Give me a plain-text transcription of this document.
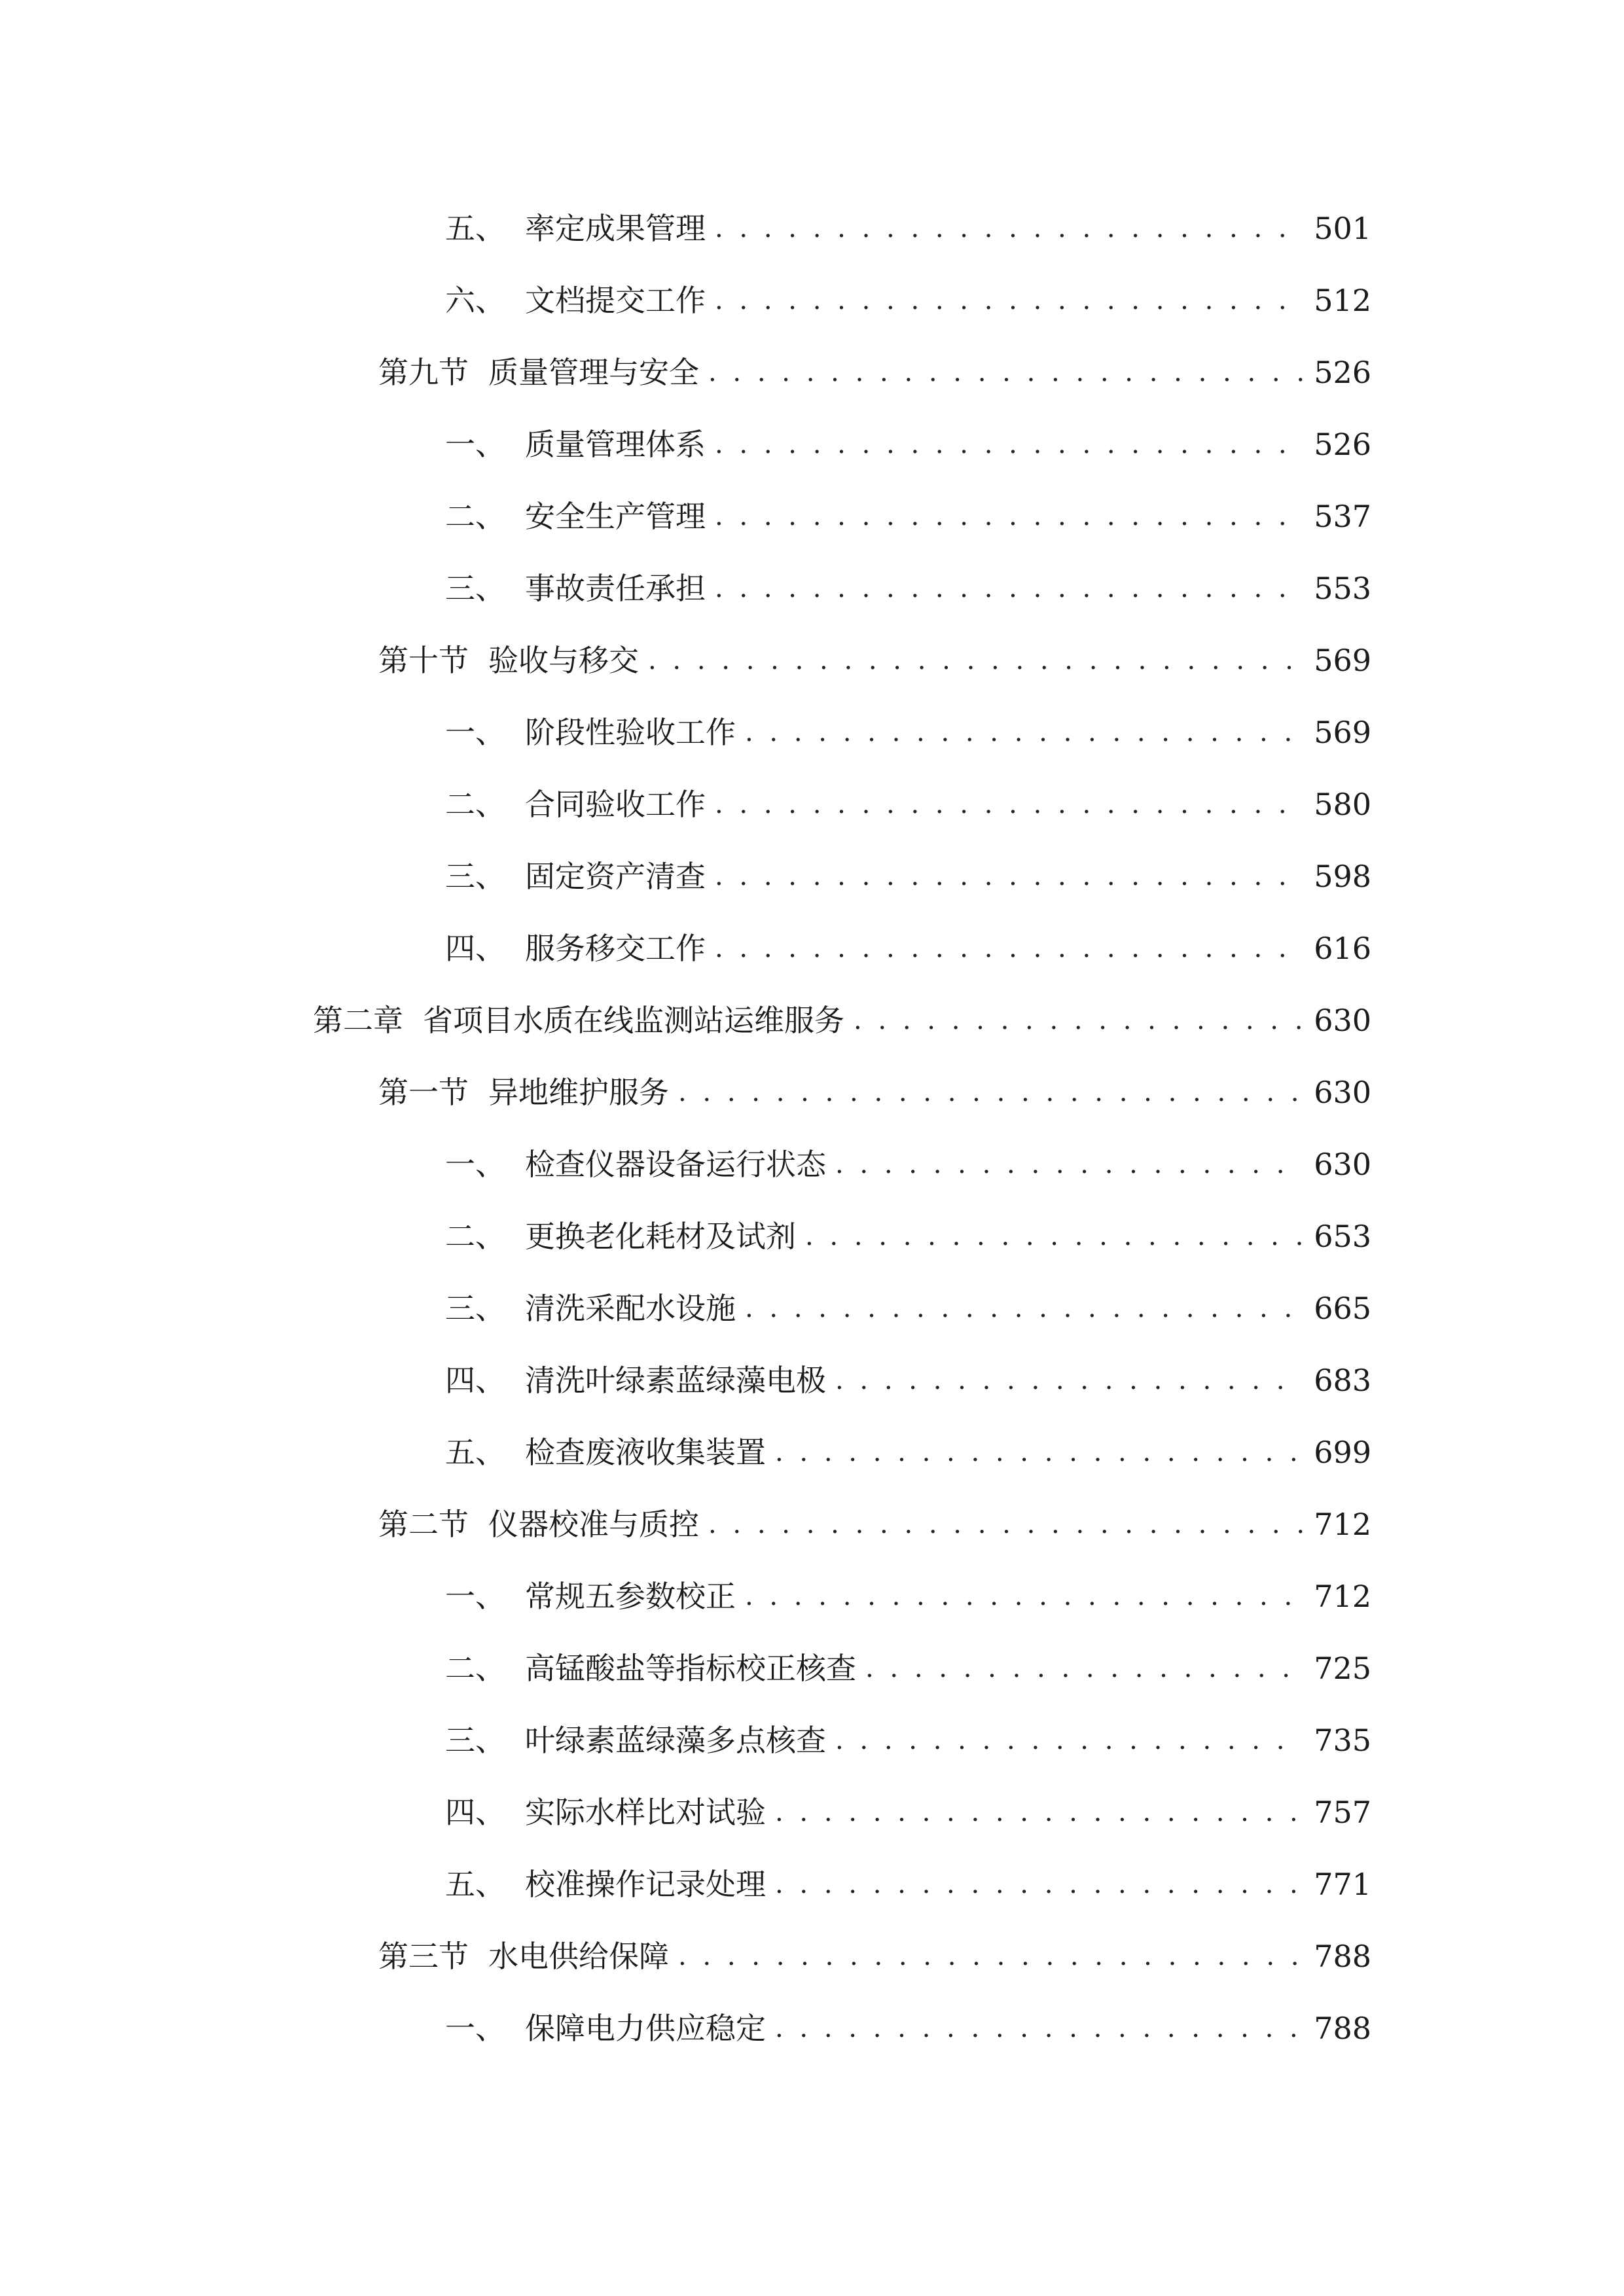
五、 率定成果管理 . . .	501
六、 文档提交工作 . . .	512
第九节 质量管理与安全 . . .	526
一、 质量管理体系 . . .	526
二、 安全生产管理 . . .	537
三、 事故责任承担 . . .	553
第十节 验收与移交 . . .	569
一、 阶段性验收工作 . . .	569
二、 合同验收工作 . . .	580
三、 固定资产清查 . . .	598
四、 服务移交工作 . . .	616
第二章 省项目水质在线监测站运维服务 . . .	630
第一节 异地维护服务 . . .	630
一、 检查仪器设备运行状态 . . .	630
二、 更换老化耗材及试剂 . . .	653
三、 清洗采配水设施 . . .	665
四、 清洗叶绿素蓝绿藻电极 . . .	683
五、 检查废液收集装置 . . .	699
第二节 仪器校准与质控 . . .	712
一、 常规五参数校正 . . .	712
二、 高锰酸盐等指标校正核查 . . .	725
三、 叶绿素蓝绿藻多点核查 . . .	735
四、 实际水样比对试验 . . .	757
五、 校准操作记录处理 . . .	771
第三节 水电供给保障 . . .	788
一、 保障电力供应稳定 . . .	788
